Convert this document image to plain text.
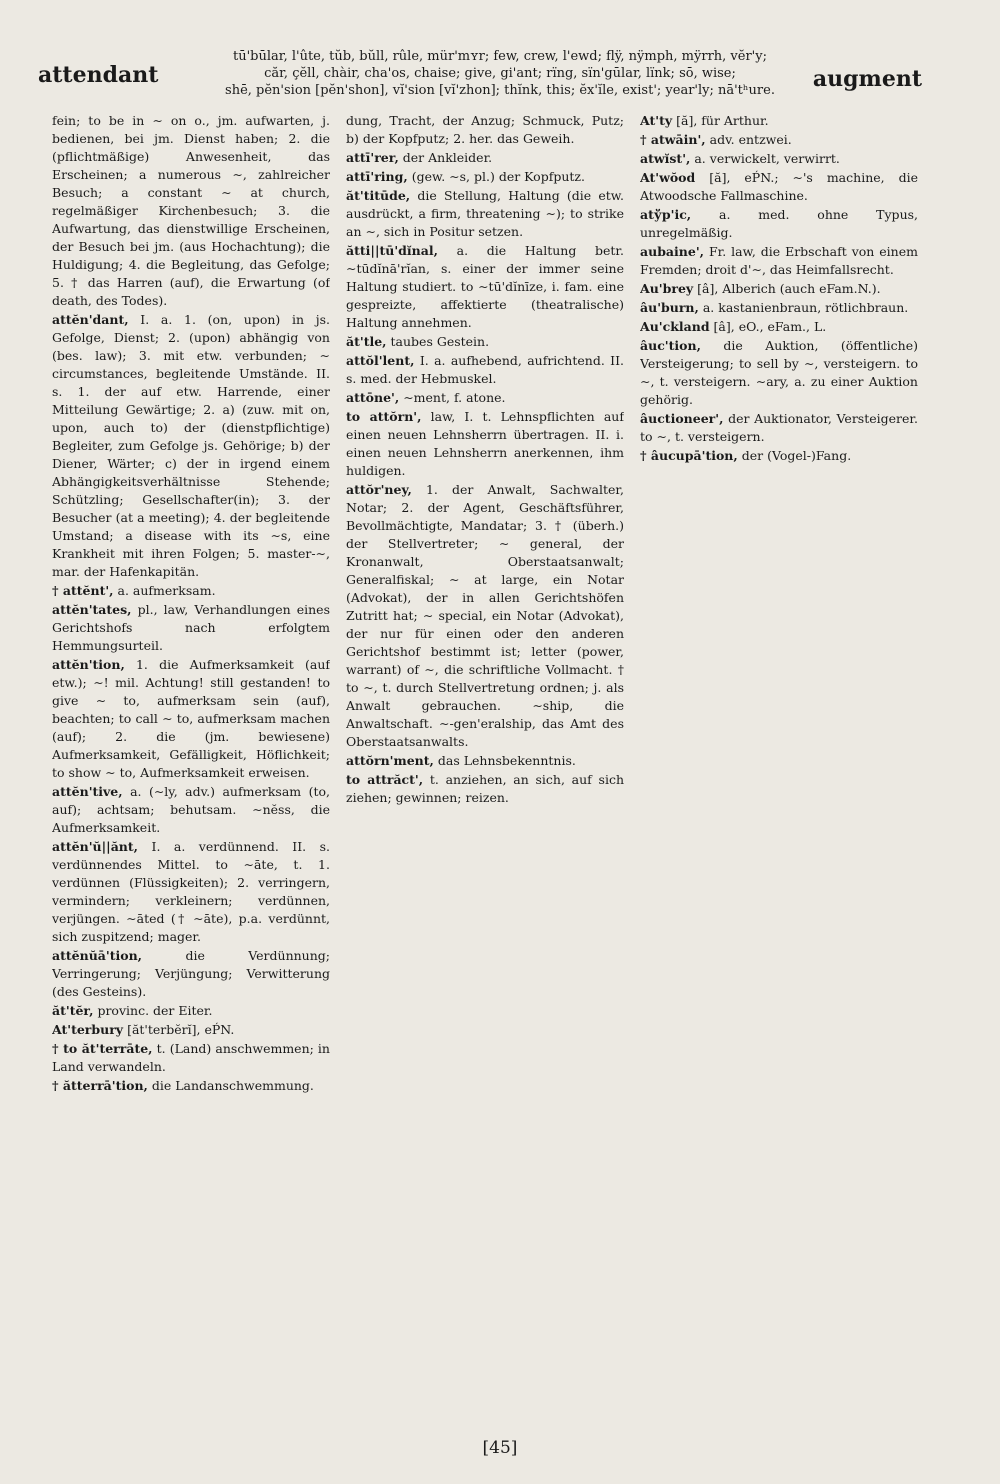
attendant
tū'būlar, l'ûte, tŭb, bŭll, rûle, mür'mʏr; few, crew, l'ewd; flÿ, nÿmph, mÿrrh, vĕr'y;
căr, çĕll, chàir, cha'os, chaise; give, gi'ant; rïng, sïn'gūlar, lïnk; sō, wise;
shē, pĕn'sion [pĕn'shon], vĭ'sion [vĭ'zhon]; thĭnk, this; ĕx'ĭle, exist'; year'ly; nā'tʰure.	augment
fein; to be in ∼ on o., jm. aufwarten, j. bedienen, bei jm. Dienst haben; 2. die (pflichtmäßige) Anwesenheit, das Erscheinen; a numerous ∼, zahlreicher Besuch; a constant ∼ at church, regelmäßiger Kirchenbesuch; 3. die Aufwartung, das dienstwillige Erscheinen, der Besuch bei jm. (aus Hochachtung); die Huldigung; 4. die Begleitung, das Gefolge; 5. † das Harren (auf), die Erwartung (of death, des Todes).
attĕn'dant, I. a. 1. (on, upon) in js. Gefolge, Dienst; 2. (upon) abhängig von (bes. law); 3. mit etw. verbunden; ∼ circumstances, begleitende Umstände. II. s. 1. der auf etw. Harrende, einer Mitteilung Gewärtige; 2. a) (zuw. mit on, upon, auch to) der (dienstpflichtige) Begleiter, zum Gefolge js. Gehörige; b) der Diener, Wärter; c) der in irgend einem Abhängigkeitsverhältnisse Stehende; Schützling; Gesellschafter(in); 3. der Besucher (at a meeting); 4. der begleitende Umstand; a disease with its ∼s, eine Krankheit mit ihren Folgen; 5. master-∼, mar. der Hafenkapitän.
† attĕnt', a. aufmerksam.
attĕn'tates, pl., law, Verhandlungen eines Gerichtshofs nach erfolgtem Hemmungsurteil.
attĕn'tion, 1. die Aufmerksamkeit (auf etw.); ∼! mil. Achtung! still gestanden! to give ∼ to, aufmerksam sein (auf), beachten; to call ∼ to, aufmerksam machen (auf); 2. die (jm. bewiesene) Aufmerksamkeit, Gefälligkeit, Höflichkeit; to show ∼ to, Aufmerksamkeit erweisen.
attĕn'tive, a. (∼ly, adv.) aufmerksam (to, auf); achtsam; behutsam. ∼nĕss, die Aufmerksamkeit.
attĕn'ŭ||ănt, I. a. verdünnend. II. s. verdünnendes Mittel. to ∼āte, t. 1. verdünnen (Flüssigkeiten); 2. verringern, vermindern; verkleinern; verdünnen, verjüngen. ∼āted († ∼āte), p.a. verdünnt, sich zuspitzend; mager.
attĕnŭā'tion,	die Verdünnung; Verringerung; Verjüngung; Verwitterung (des Gesteins).
ăt'tĕr, provinc. der Eiter.
At'terbury [ăt'terbĕrĭ], eṔN.
† to ăt'terrāte, t. (Land) anschwemmen; in Land verwandeln.
† ătterrā'tion, die Landanschwemmung.
dung, Tracht, der Anzug; Schmuck, Putz; b) der Kopfputz; 2. her. das Geweih.
attī'rer, der Ankleider.
attī'ring, (gew. ∼s, pl.) der Kopfputz.
ăt'titūde, die Stellung, Haltung (die etw. ausdrückt, a firm, threatening ∼); to strike an ∼, sich in Positur setzen.
ătti||tū'dĭnal, a. die Haltung betr. ∼tūdĭnā'rĭan, s. einer der immer seine Haltung studiert. to ∼tū'dĭnīze, i. fam. eine gespreizte, affektierte (theatralische) Haltung annehmen.
ăt'tle, taubes Gestein.
attŏl'lent, I. a. aufhebend, aufrichtend. II. s. med. der Hebmuskel.
attōne', ∼ment, f. atone.
to attŏrn', law, I. t. Lehnspflichten auf einen neuen Lehnsherrn übertragen. II. i. einen neuen Lehnsherrn anerkennen, ihm huldigen.
attŏr'ney, 1. der Anwalt, Sachwalter, Notar; 2. der Agent, Geschäftsführer, Bevollmächtigte, Mandatar; 3. † (überh.) der Stellvertreter; ∼ general, der Kronanwalt, Oberstaatsanwalt; Generalfiskal; ∼ at large, ein Notar (Advokat), der in allen Gerichtshöfen Zutritt hat; ∼ special, ein Notar (Advokat), der nur für einen oder den anderen Gerichtshof bestimmt ist; letter (power, warrant) of ∼, die schriftliche Vollmacht. † to ∼, t. durch Stellvertretung ordnen; j. als Anwalt gebrauchen. ∼ship, die Anwaltschaft. ∼-gen'eralship, das Amt des Oberstaatsanwalts.
attŏrn'ment, das Lehnsbekenntnis.
to attrăct', t. anziehen, an sich, auf sich ziehen; gewinnen; reizen.
At'ty [ă], für Arthur.
† atwāin', adv. entzwei.
atwĭst', a. verwickelt, verwirrt.
At'wŏod [ă], eṔN.; ∼'s machine, die Atwoodsche Fallmaschine.
atўp'ic, a. med. ohne Typus, unregelmäßig.
aubaine', Fr. law, die Erbschaft von einem Fremden; droit d'∼, das Heimfallsrecht.
Au'brey [â], Alberich (auch eFam.N.).
âu'burn, a. kastanienbraun, rötlichbraun.
Au'ckland [â], eO., eFam., L.
âuc'tion, die Auktion, (öffentliche) Versteigerung; to sell by ∼, versteigern. to ∼, t. versteigern. ∼ary, a. zu einer Auktion gehörig.
âuctioneer', der Auktionator, Versteigerer. to ∼, t. versteigern.
† âucupā'tion, der (Vogel-)Fang.
[45]
